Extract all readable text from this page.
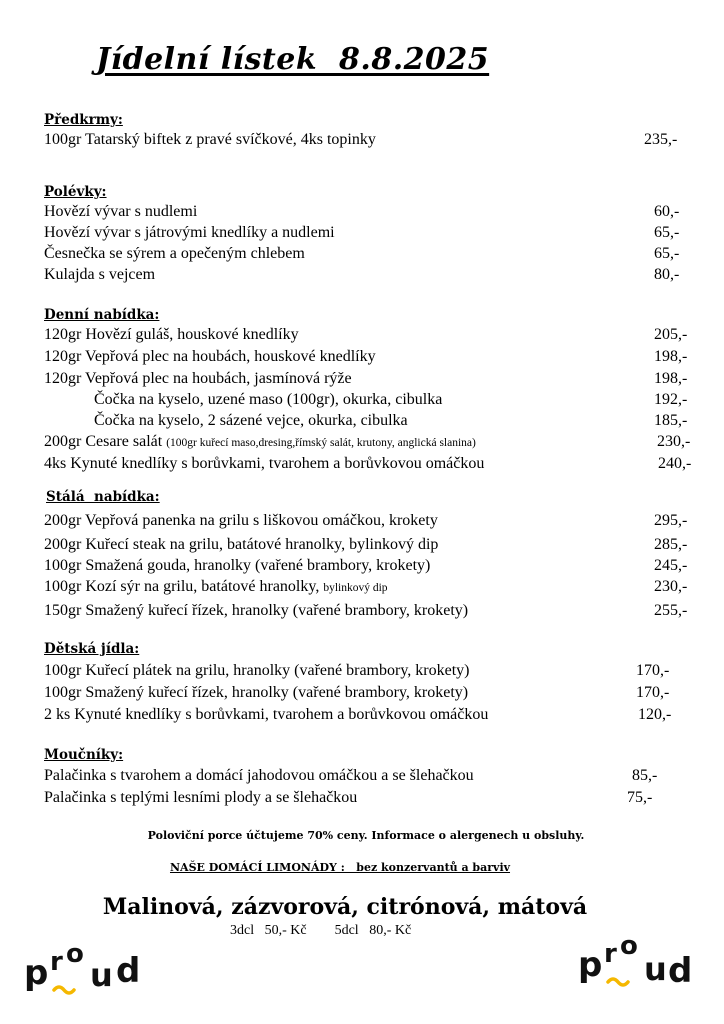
Jídelní lístek  8.8.2025
Předkrmy:
100gr Tatarský biftek z pravé svíčkové, 4ks topinky	235,-
Polévky:
Hovězí vývar s nudlemi	60,-
Hovězí vývar s játrovými knedlíky a nudlemi	65,-
Česnečka se sýrem a opečeným chlebem	65,-
Kulajda s vejcem	80,-
Denní nabídka:
120gr Hovězí guláš, houskové knedlíky	205,-
120gr Vepřová plec na houbách, houskové knedlíky	198,-
120gr Vepřová plec na houbách, jasmínová rýže	198,-
Čočka na kyselo, uzené maso (100gr), okurka, cibulka	192,-
Čočka na kyselo, 2 sázené vejce, okurka, cibulka	185,-
200gr Cesare salát (100gr kuřecí maso,dresing,římský salát, krutony, anglická slanina)	230,-
4ks Kynuté knedlíky s borůvkami, tvarohem a borůvkovou omáčkou	240,-
Stálá  nabídka:
200gr Vepřová panenka na grilu s liškovou omáčkou, krokety	295,-
200gr Kuřecí steak na grilu, batátové hranolky, bylinkový dip	285,-
100gr Smažená gouda, hranolky (vařené brambory, krokety)	245,-
100gr Kozí sýr na grilu, batátové hranolky, bylinkový dip	230,-
150gr Smažený kuřecí řízek, hranolky (vařené brambory, krokety)	255,-
Dětská jídla:
100gr Kuřecí plátek na grilu, hranolky (vařené brambory, krokety)	170,-
100gr Smažený kuřecí řízek, hranolky (vařené brambory, krokety)	170,-
2 ks Kynuté knedlíky s borůvkami, tvarohem a borůvkovou omáčkou	120,-
Moučníky:
Palačinka s tvarohem a domácí jahodovou omáčkou a se šlehačkou	85,-
Palačinka s teplými lesními plody a se šlehačkou	75,-
Poloviční porce účtujeme 70% ceny. Informace o alergenech u obsluhy.
NAŠE DOMÁCÍ LIMONÁDY :   bez konzervantů a barviv
Malinová, zázvorová, citrónová, mátová
3dcl   50,- Kč        5dcl   80,- Kč
p r o
u d	p r o
u d
